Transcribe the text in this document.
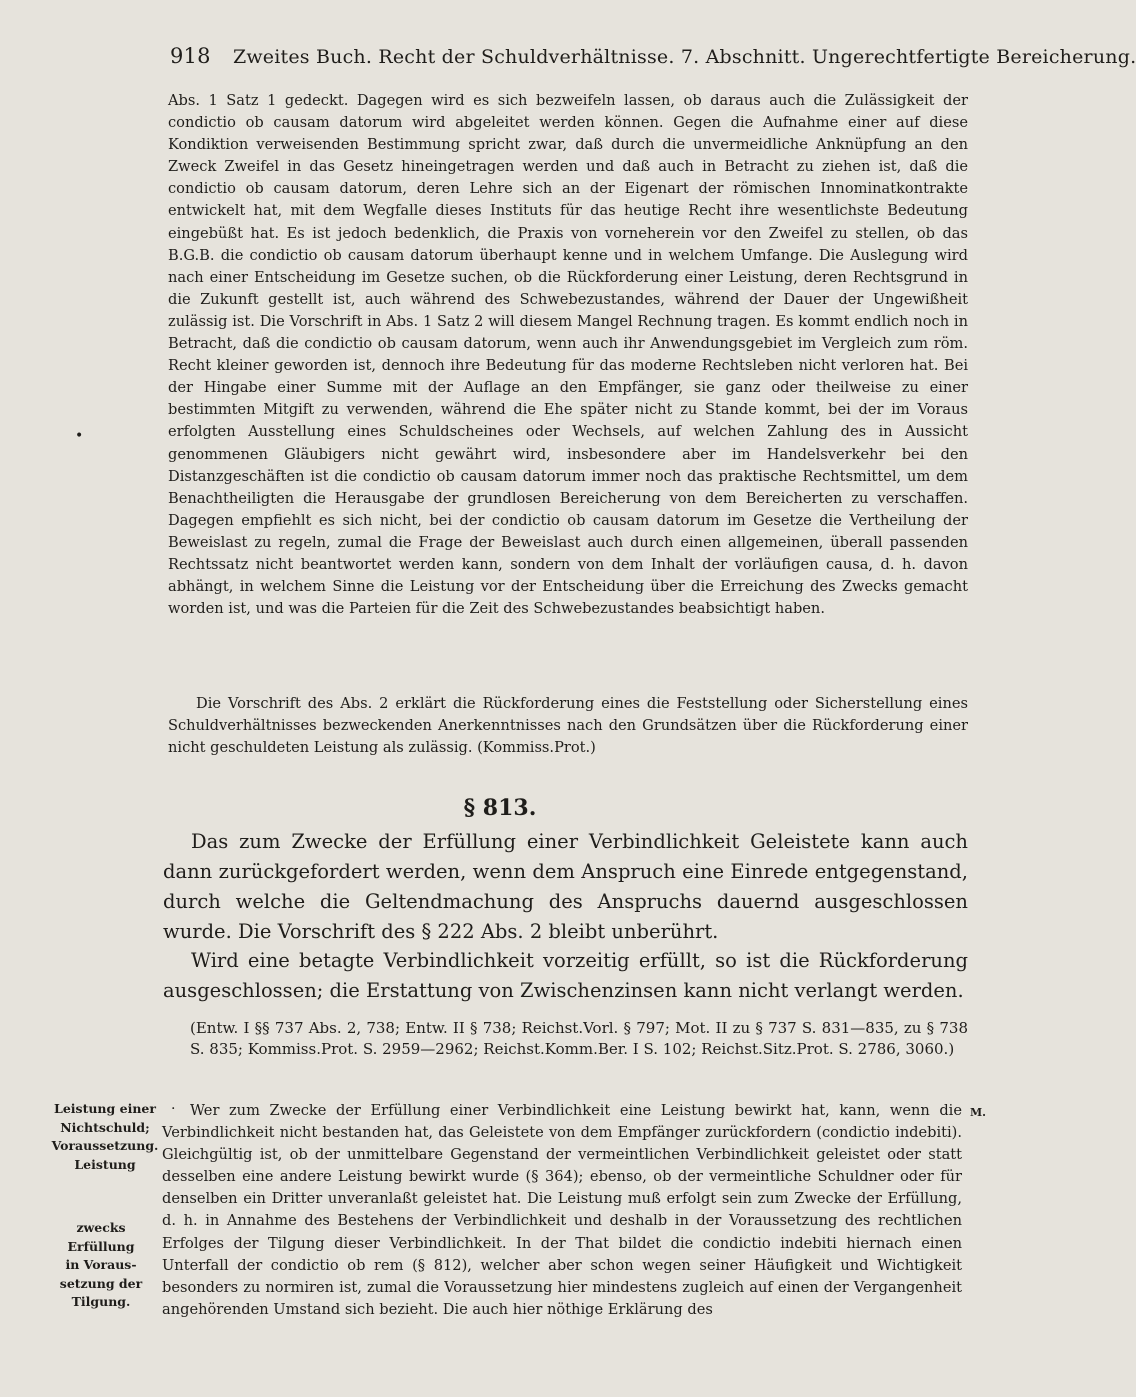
918 Zweites Buch. Recht der Schuldverhältnisse. 7. Abschnitt. Ungerechtfertigte Bereicherung.

Abs. 1 Satz 1 gedeckt. Dagegen wird es sich bezweifeln lassen, ob daraus auch die Zulässigkeit der condictio ob causam datorum wird abgeleitet werden können. Gegen die Aufnahme einer auf diese Kondiktion verweisenden Bestimmung spricht zwar, daß durch die unvermeidliche Anknüpfung an den Zweck Zweifel in das Gesetz hineingetragen werden und daß auch in Betracht zu ziehen ist, daß die condictio ob causam datorum, deren Lehre sich an der Eigenart der römischen Innominatkontrakte entwickelt hat, mit dem Wegfalle dieses Instituts für das heutige Recht ihre wesentlichste Bedeutung eingebüßt hat. Es ist jedoch bedenklich, die Praxis von vorneherein vor den Zweifel zu stellen, ob das B.G.B. die condictio ob causam datorum überhaupt kenne und in welchem Umfange. Die Auslegung wird nach einer Entscheidung im Gesetze suchen, ob die Rückforderung einer Leistung, deren Rechtsgrund in die Zukunft gestellt ist, auch während des Schwebezustandes, während der Dauer der Ungewißheit zulässig ist. Die Vorschrift in Abs. 1 Satz 2 will diesem Mangel Rechnung tragen. Es kommt endlich noch in Betracht, daß die condictio ob causam datorum, wenn auch ihr Anwendungsgebiet im Vergleich zum röm. Recht kleiner geworden ist, dennoch ihre Bedeutung für das moderne Rechtsleben nicht verloren hat. Bei der Hingabe einer Summe mit der Auflage an den Empfänger, sie ganz oder theilweise zu einer bestimmten Mitgift zu verwenden, während die Ehe später nicht zu Stande kommt, bei der im Voraus erfolgten Ausstellung eines Schuldscheines oder Wechsels, auf welchen Zahlung des in Aussicht genommenen Gläubigers nicht gewährt wird, insbesondere aber im Handelsverkehr bei den Distanzgeschäften ist die condictio ob causam datorum immer noch das praktische Rechtsmittel, um dem Benachtheiligten die Herausgabe der grundlosen Bereicherung von dem Bereicherten zu verschaffen. Dagegen empfiehlt es sich nicht, bei der condictio ob causam datorum im Gesetze die Vertheilung der Beweislast zu regeln, zumal die Frage der Beweislast auch durch einen allgemeinen, überall passenden Rechtssatz nicht beantwortet werden kann, sondern von dem Inhalt der vorläufigen causa, d. h. davon abhängt, in welchem Sinne die Leistung vor der Entscheidung über die Erreichung des Zwecks gemacht worden ist, und was die Parteien für die Zeit des Schwebezustandes beabsichtigt haben.

Die Vorschrift des Abs. 2 erklärt die Rückforderung eines die Feststellung oder Sicherstellung eines Schuldverhältnisses bezweckenden Anerkenntnisses nach den Grundsätzen über die Rückforderung einer nicht geschuldeten Leistung als zulässig. (Kommiss.Prot.)

§ 813.

Das zum Zwecke der Erfüllung einer Verbindlichkeit Geleistete kann auch dann zurückgefordert werden, wenn dem Anspruch eine Einrede entgegenstand, durch welche die Geltendmachung des Anspruchs dauernd ausgeschlossen wurde. Die Vorschrift des § 222 Abs. 2 bleibt unberührt.

Wird eine betagte Verbindlichkeit vorzeitig erfüllt, so ist die Rückforderung ausgeschlossen; die Erstattung von Zwischenzinsen kann nicht verlangt werden.

(Entw. I §§ 737 Abs. 2, 738; Entw. II § 738; Reichst.Vorl. § 797; Mot. II zu § 737 S. 831—835, zu § 738 S. 835; Kommiss.Prot. S. 2959—2962; Reichst.Komm.Ber. I S. 102; Reichst.Sitz.Prot. S. 2786, 3060.)

Wer zum Zwecke der Erfüllung einer Verbindlichkeit eine Leistung bewirkt hat, kann, wenn die Verbindlichkeit nicht bestanden hat, das Geleistete von dem Empfänger zurückfordern (condictio indebiti). Gleichgültig ist, ob der unmittelbare Gegenstand der vermeintlichen Verbindlichkeit geleistet oder statt desselben eine andere Leistung bewirkt wurde (§ 364); ebenso, ob der vermeintliche Schuldner oder für denselben ein Dritter unveranlaßt geleistet hat. Die Leistung muß erfolgt sein zum Zwecke der Erfüllung, d. h. in Annahme des Bestehens der Verbindlichkeit und deshalb in der Voraussetzung des rechtlichen Erfolges der Tilgung dieser Verbindlichkeit. In der That bildet die condictio indebiti hiernach einen Unterfall der condictio ob rem (§ 812), welcher aber schon wegen seiner Häufigkeit und Wichtigkeit besonders zu normiren ist, zumal die Voraussetzung hier mindestens zugleich auf einen der Vergangenheit angehörenden Umstand sich bezieht. Die auch hier nöthige Erklärung des

Leistung einer
Nichtschuld;
Voraussetzung.
Leistung
zwecks
Erfüllung
in Voraus-
setzung der
Tilgung.
M.
•
.
